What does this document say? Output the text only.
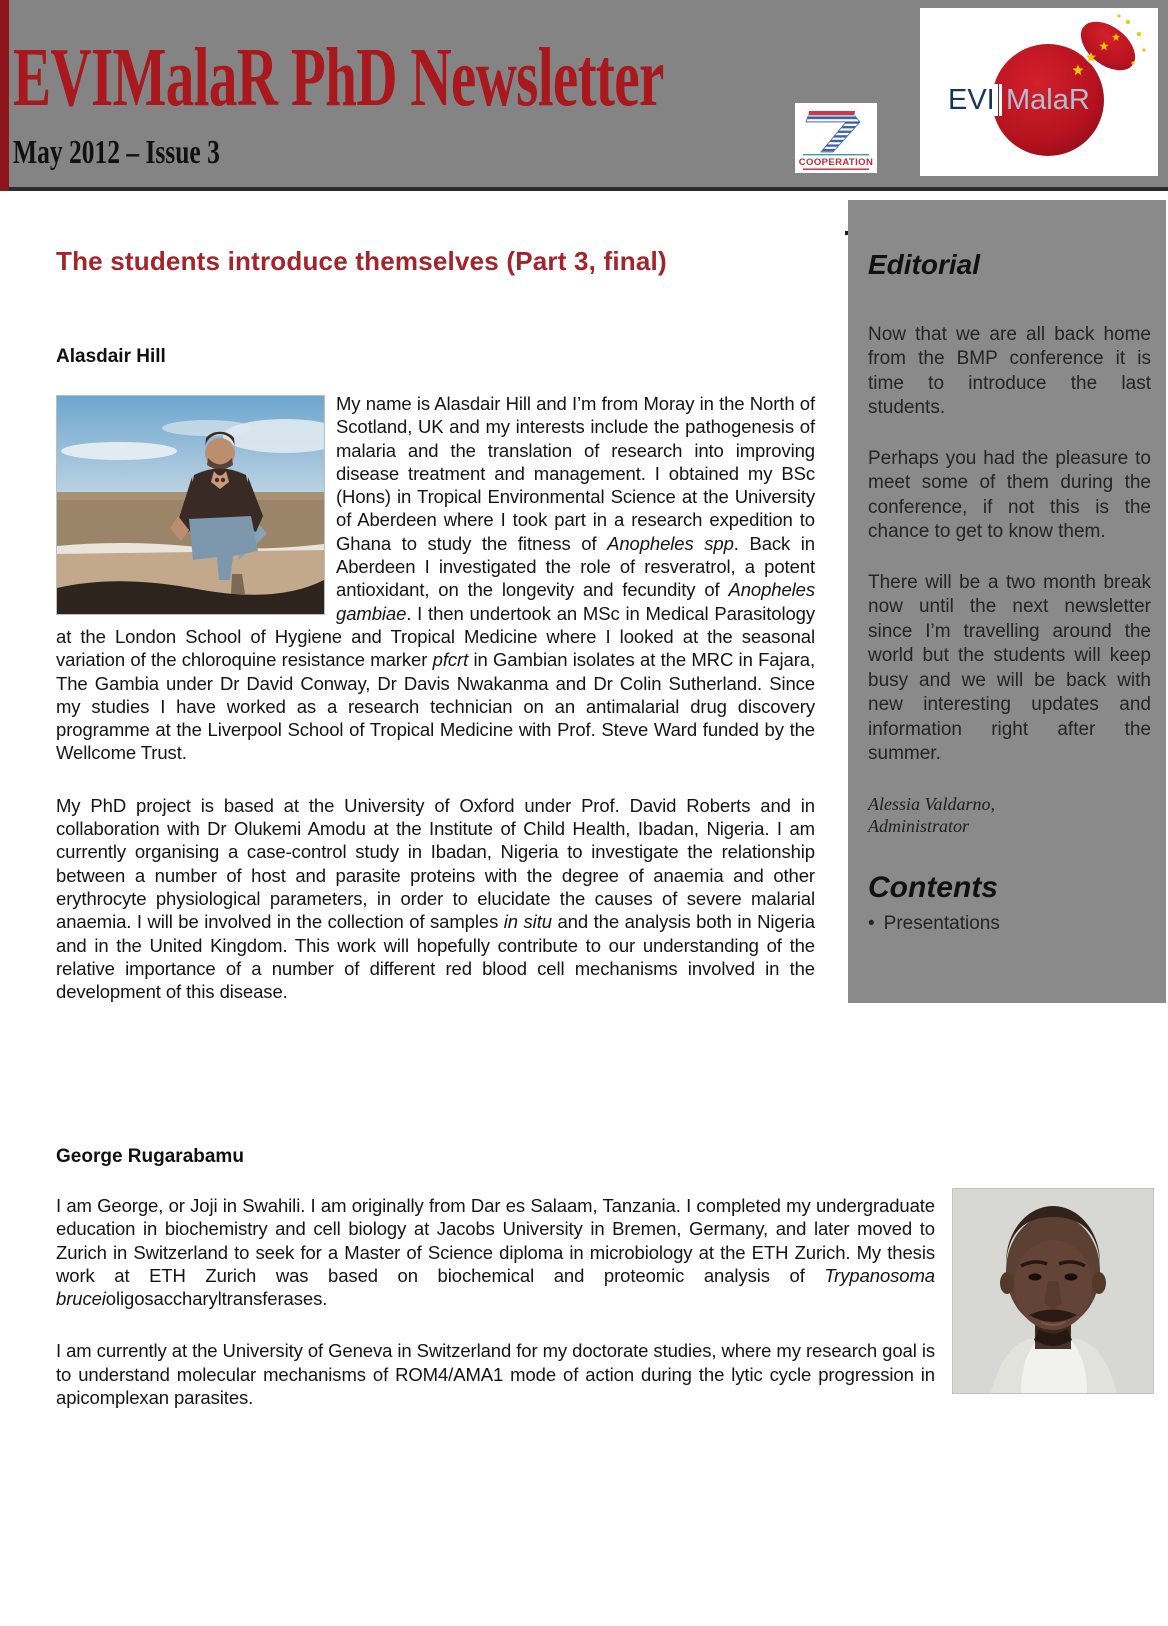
EVIMalaR PhD Newsletter
May 2012 – Issue 3	COOPERATION
EVI MalaR
Editorial

Now that we are all back home from the BMP conference it is time to introduce the last students.

Perhaps you had the pleasure to meet some of them during the conference, if not this is the chance to get to know them.

There will be a two month break now until the next newsletter since I’m travelling around the world but the students will keep busy and we will be back with new interesting updates and information right after the summer.

Alessia Valdarno,
Administrator
Contents
• Presentations
The students introduce themselves (Part 3, final)
Alasdair Hill
My name is Alasdair Hill and I’m from Moray in the North of Scotland, UK and my interests include the pathogenesis of malaria and the translation of research into improving disease treatment and management. I obtained my BSc (Hons) in Tropical Environmental Science at the University of Aberdeen where I took part in a research expedition to Ghana to study the fitness of Anopheles spp. Back in Aberdeen I investigated the role of resveratrol, a potent antioxidant, on the longevity and fecundity of Anopheles gambiae. I then undertook an MSc in Medical Parasitology at the London School of Hygiene and Tropical Medicine where I looked at the seasonal variation of the chloroquine resistance marker pfcrt in Gambian isolates at the MRC in Fajara, The Gambia under Dr David Conway, Dr Davis Nwakanma and Dr Colin Sutherland. Since my studies I have worked as a research technician on an antimalarial drug discovery programme at the Liverpool School of Tropical Medicine with Prof. Steve Ward funded by the Wellcome Trust.

My PhD project is based at the University of Oxford under Prof. David Roberts and in collaboration with Dr Olukemi Amodu at the Institute of Child Health, Ibadan, Nigeria. I am currently organising a case-control study in Ibadan, Nigeria to investigate the relationship between a number of host and parasite proteins with the degree of anaemia and other erythrocyte physiological parameters, in order to elucidate the causes of severe malarial anaemia. I will be involved in the collection of samples in situ and the analysis both in Nigeria and in the United Kingdom. This work will hopefully contribute to our understanding of the relative importance of a number of different red blood cell mechanisms involved in the development of this disease.

George Rugarabamu

I am George, or Joji in Swahili. I am originally from Dar es Salaam, Tanzania. I completed my undergraduate education in biochemistry and cell biology at Jacobs University in Bremen, Germany, and later moved to Zurich in Switzerland to seek for a Master of Science diploma in microbiology at the ETH Zurich. My thesis work at ETH Zurich was based on biochemical and proteomic analysis of Trypanosoma bruceioligosaccharyltransferases.

I am currently at the University of Geneva in Switzerland for my doctorate studies, where my research goal is to understand molecular mechanisms of ROM4/AMA1 mode of action during the lytic cycle progression in apicomplexan parasites.
